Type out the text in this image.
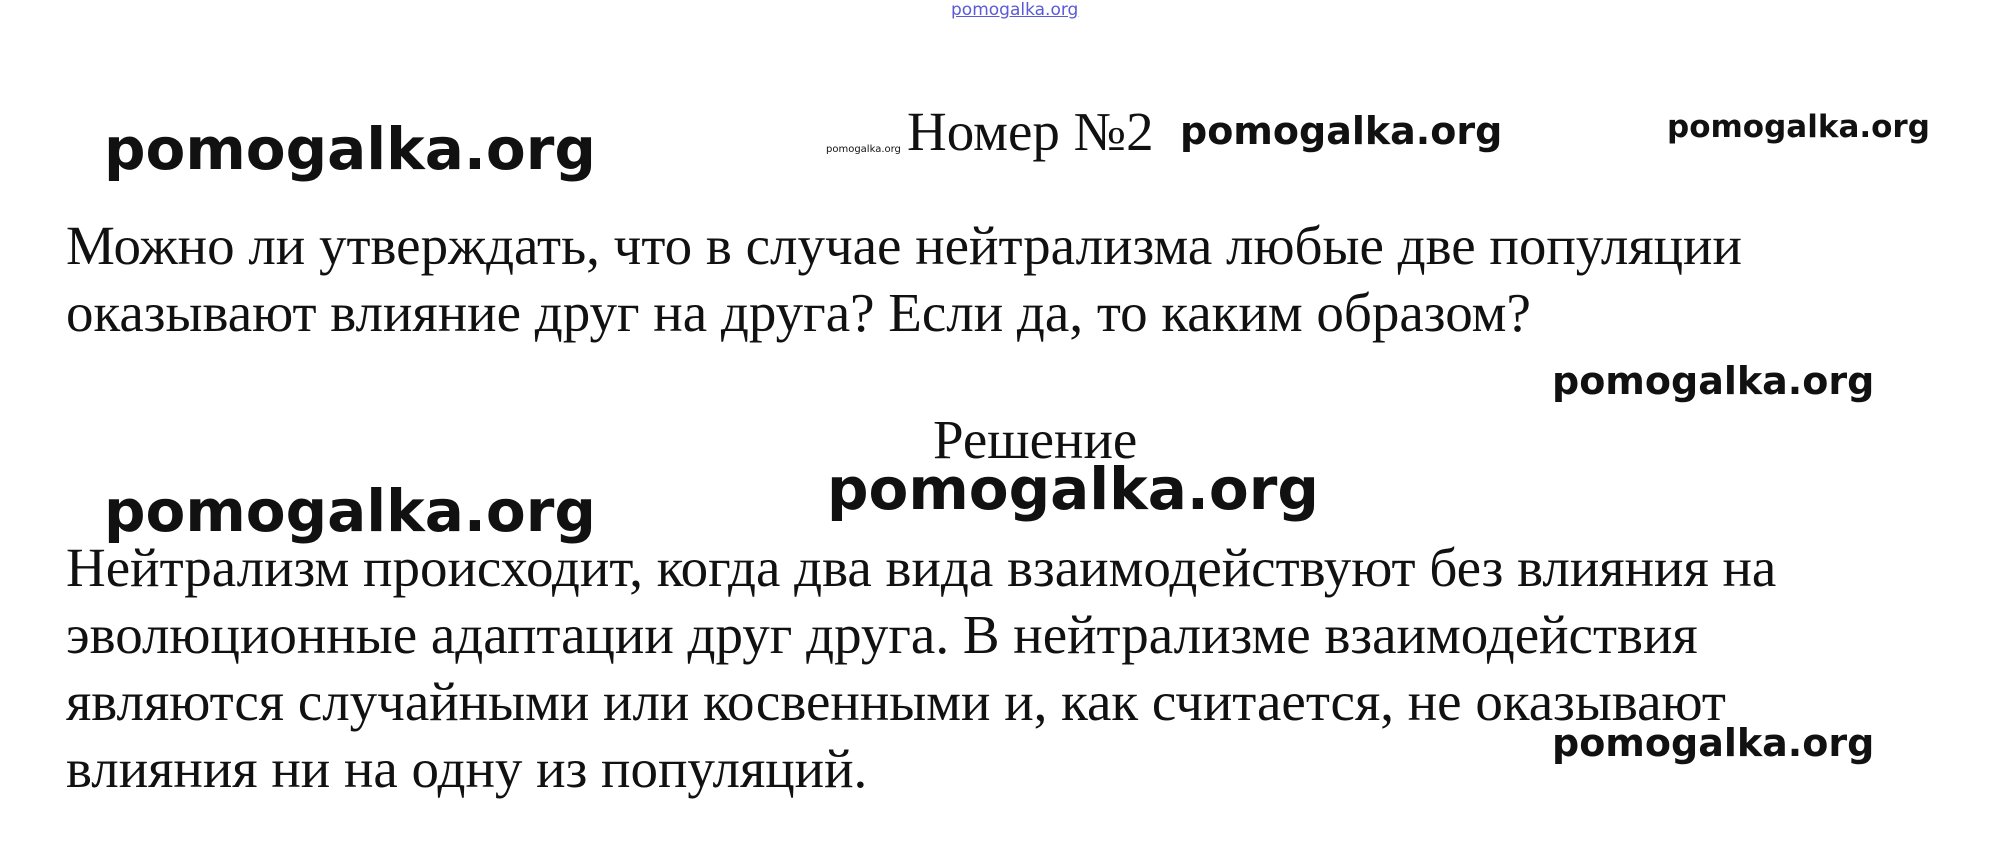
pomogalka.org
pomogalka.org	pomogalka.org Номер №2 pomogalka.org	pomogalka.org

Можно ли утверждать, что в случае нейтрализма любые две популяции
оказывают влияние друг на друга? Если да, то каким образом?

pomogalka.org
Решение
pomogalka.org
pomogalka.org

Нейтрализм происходит, когда два вида взаимодействуют без влияния на
эволюционные адаптации друг друга. В нейтрализме взаимодействия
являются случайными или косвенными и, как считается, не оказывают
влияния ни на одну из популяций.	pomogalka.org
